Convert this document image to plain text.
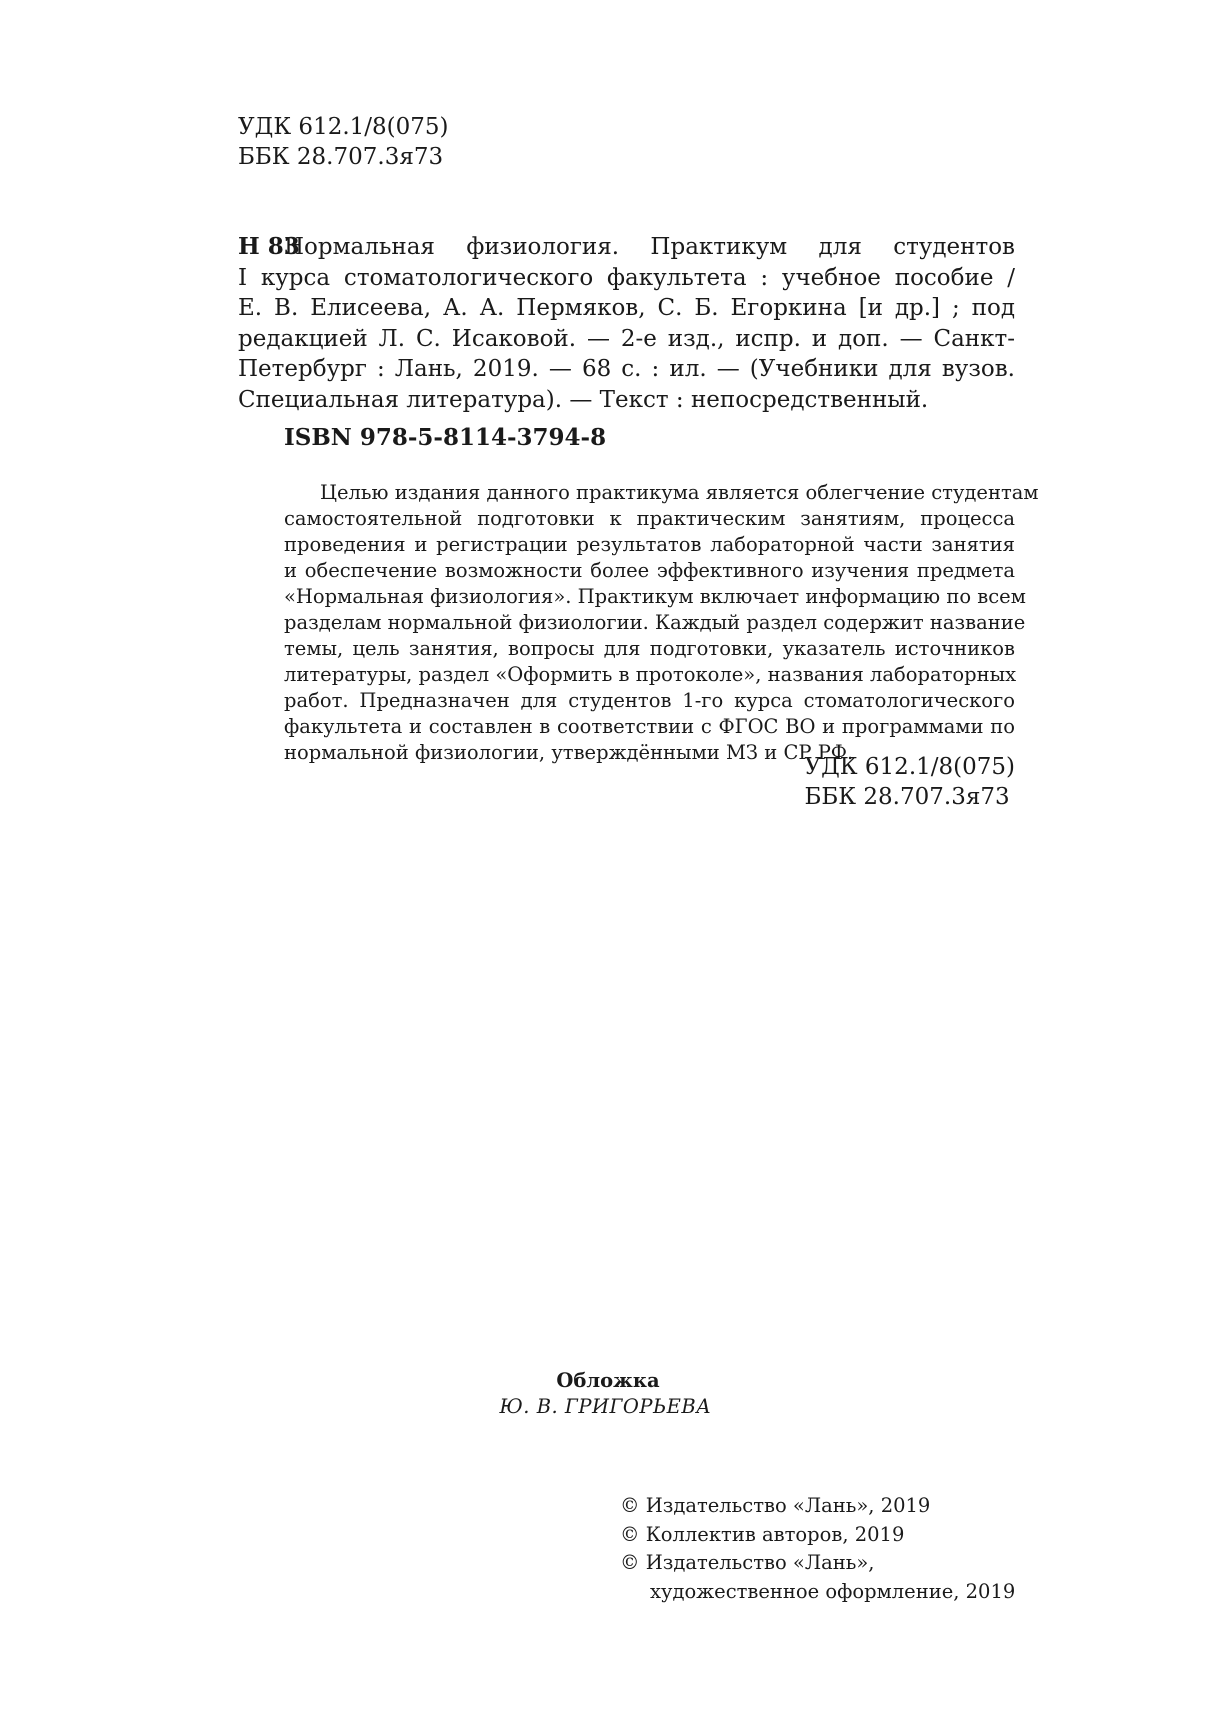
УДК 612.1/8(075)
ББК 28.707.3я73
Н 83
Нормальная физиология. Практикум для студентов
I курса стоматологического факультета : учебное пособие /
Е. В. Елисеева, А. А. Пермяков, С. Б. Егоркина [и др.] ; под
редакцией Л. С. Исаковой. — 2-е изд., испр. и доп. — Санкт-
Петербург : Лань, 2019. — 68 с. : ил. — (Учебники для вузов.
Специальная литература). — Текст : непосредственный.
ISBN 978-5-8114-3794-8
Целью издания данного практикума является облегчение студентам
самостоятельной подготовки к практическим занятиям, процесса
проведения и регистрации результатов лабораторной части занятия
и обеспечение возможности более эффективного изучения предмета
«Нормальная физиология». Практикум включает информацию по всем
разделам нормальной физиологии. Каждый раздел содержит название
темы, цель занятия, вопросы для подготовки, указатель источников
литературы, раздел «Оформить в протоколе», названия лабораторных
работ. Предназначен для студентов 1-го курса стоматологического
факультета и составлен в соответствии с ФГОС ВО и программами по
нормальной физиологии, утверждёнными МЗ и СР РФ.
УДК 612.1/8(075)
ББК 28.707.3я73
Обложка
Ю. В. ГРИГОРЬЕВА
© Издательство «Лань», 2019
© Коллектив авторов, 2019
© Издательство «Лань»,
художественное оформление, 2019
